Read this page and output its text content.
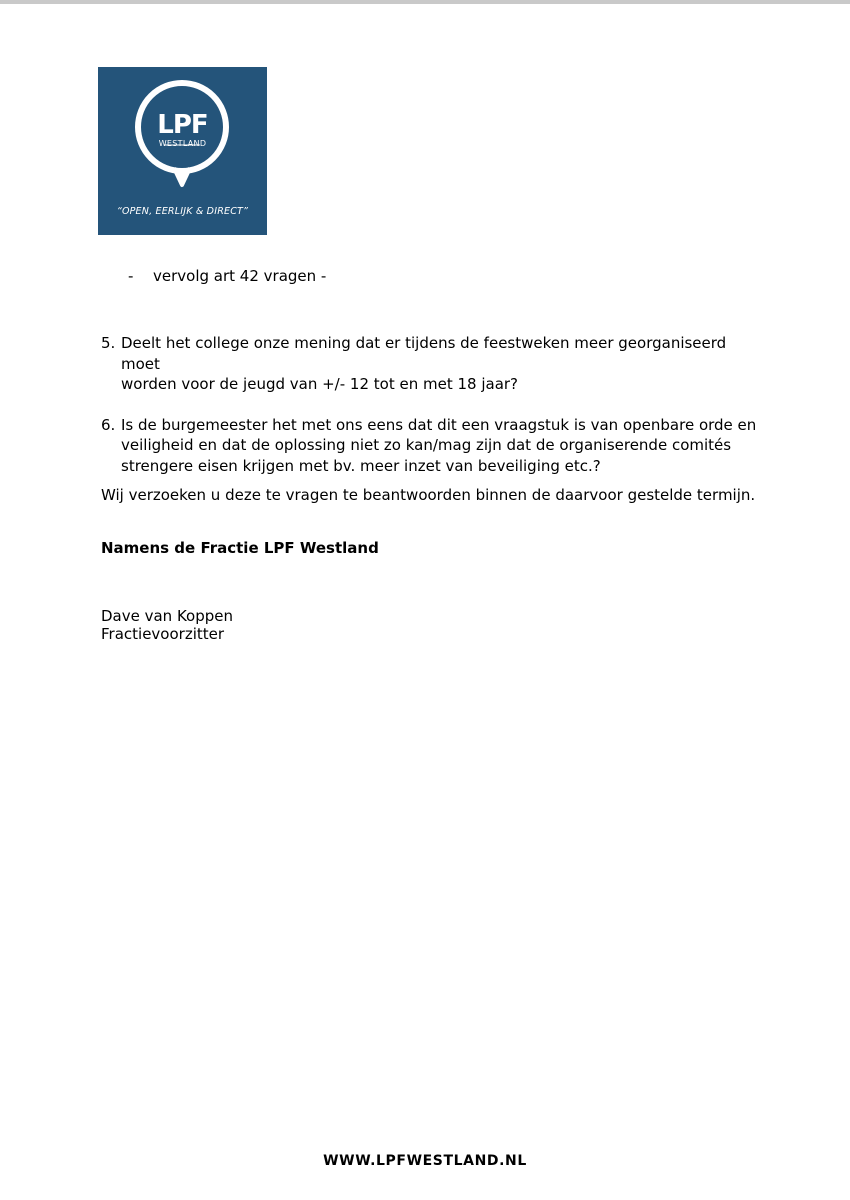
LPF
WESTLAND
“OPEN, EERLIJK & DIRECT”
- vervolg art 42 vragen -
5. Deelt het college onze mening dat er tijdens de feestweken meer georganiseerd moet
worden voor de jeugd van +/- 12 tot en met 18 jaar?
6. Is de burgemeester het met ons eens dat dit een vraagstuk is van openbare orde en
veiligheid en dat de oplossing niet zo kan/mag zijn dat de organiserende comités
strengere eisen krijgen met bv. meer inzet van beveiliging etc.?
Wij verzoeken u deze te vragen te beantwoorden binnen de daarvoor gestelde termijn.
Namens de Fractie LPF Westland
Dave van Koppen
Fractievoorzitter
WWW.LPFWESTLAND.NL
